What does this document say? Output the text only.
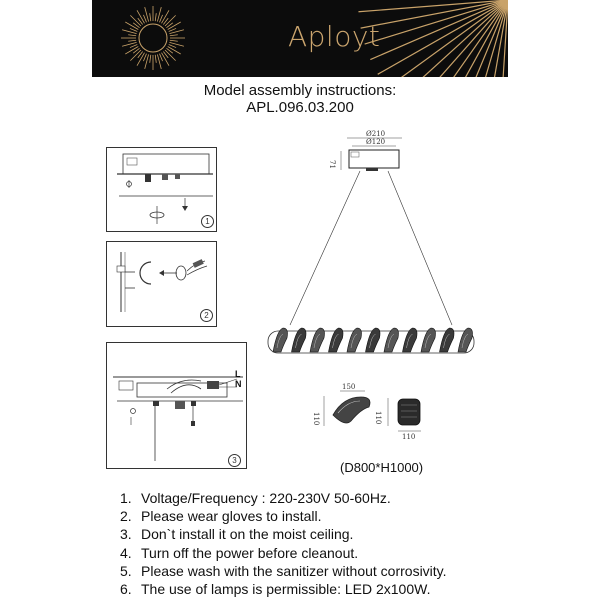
Aployt
Model assembly instructions:
APL.096.03.200
1
2
L
N
3
Ø210
Ø120
71
150
110	110
110
(D800*H1000)
1. Voltage/Frequency : 220-230V 50-60Hz.
2. Please wear gloves to install.
3. Don`t install it on the moist ceiling.
4. Turn off the power before cleanout.
5. Please wash with the sanitizer without corrosivity.
6. The use of lamps is permissible: LED 2x100W.
